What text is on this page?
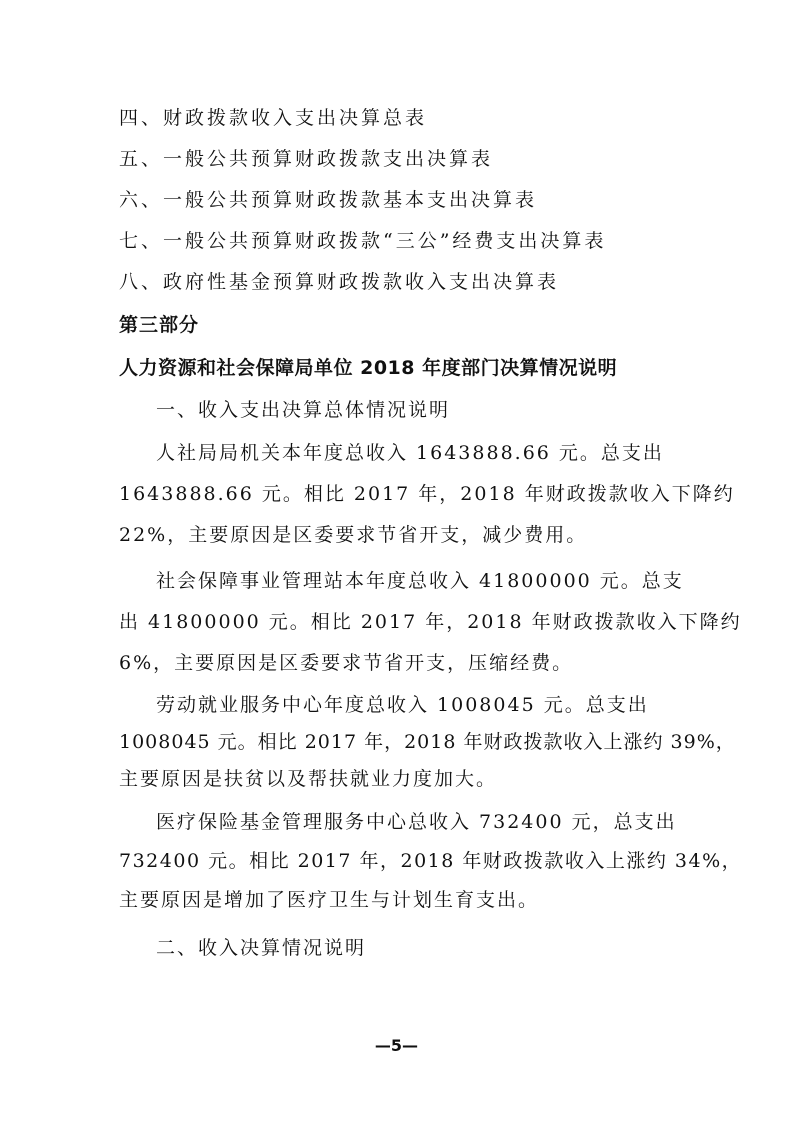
四、财政拨款收入支出决算总表
五、一般公共预算财政拨款支出决算表
六、一般公共预算财政拨款基本支出决算表
七、一般公共预算财政拨款“三公”经费支出决算表
八、政府性基金预算财政拨款收入支出决算表
第三部分
人力资源和社会保障局单位 2018 年度部门决算情况说明
一、收入支出决算总体情况说明
人社局局机关本年度总收入 1643888.66 元。总支出
1643888.66 元。相比 2017 年，2018 年财政拨款收入下降约
22%，主要原因是区委要求节省开支，减少费用。
社会保障事业管理站本年度总收入 41800000 元。总支
出 41800000 元。相比 2017 年，2018 年财政拨款收入下降约
6%，主要原因是区委要求节省开支，压缩经费。
劳动就业服务中心年度总收入 1008045 元。总支出
1008045 元。相比 2017 年，2018 年财政拨款收入上涨约 39%，
主要原因是扶贫以及帮扶就业力度加大。
医疗保险基金管理服务中心总收入 732400 元，总支出
732400 元。相比 2017 年，2018 年财政拨款收入上涨约 34%，
主要原因是增加了医疗卫生与计划生育支出。
二、收入决算情况说明
—5—
